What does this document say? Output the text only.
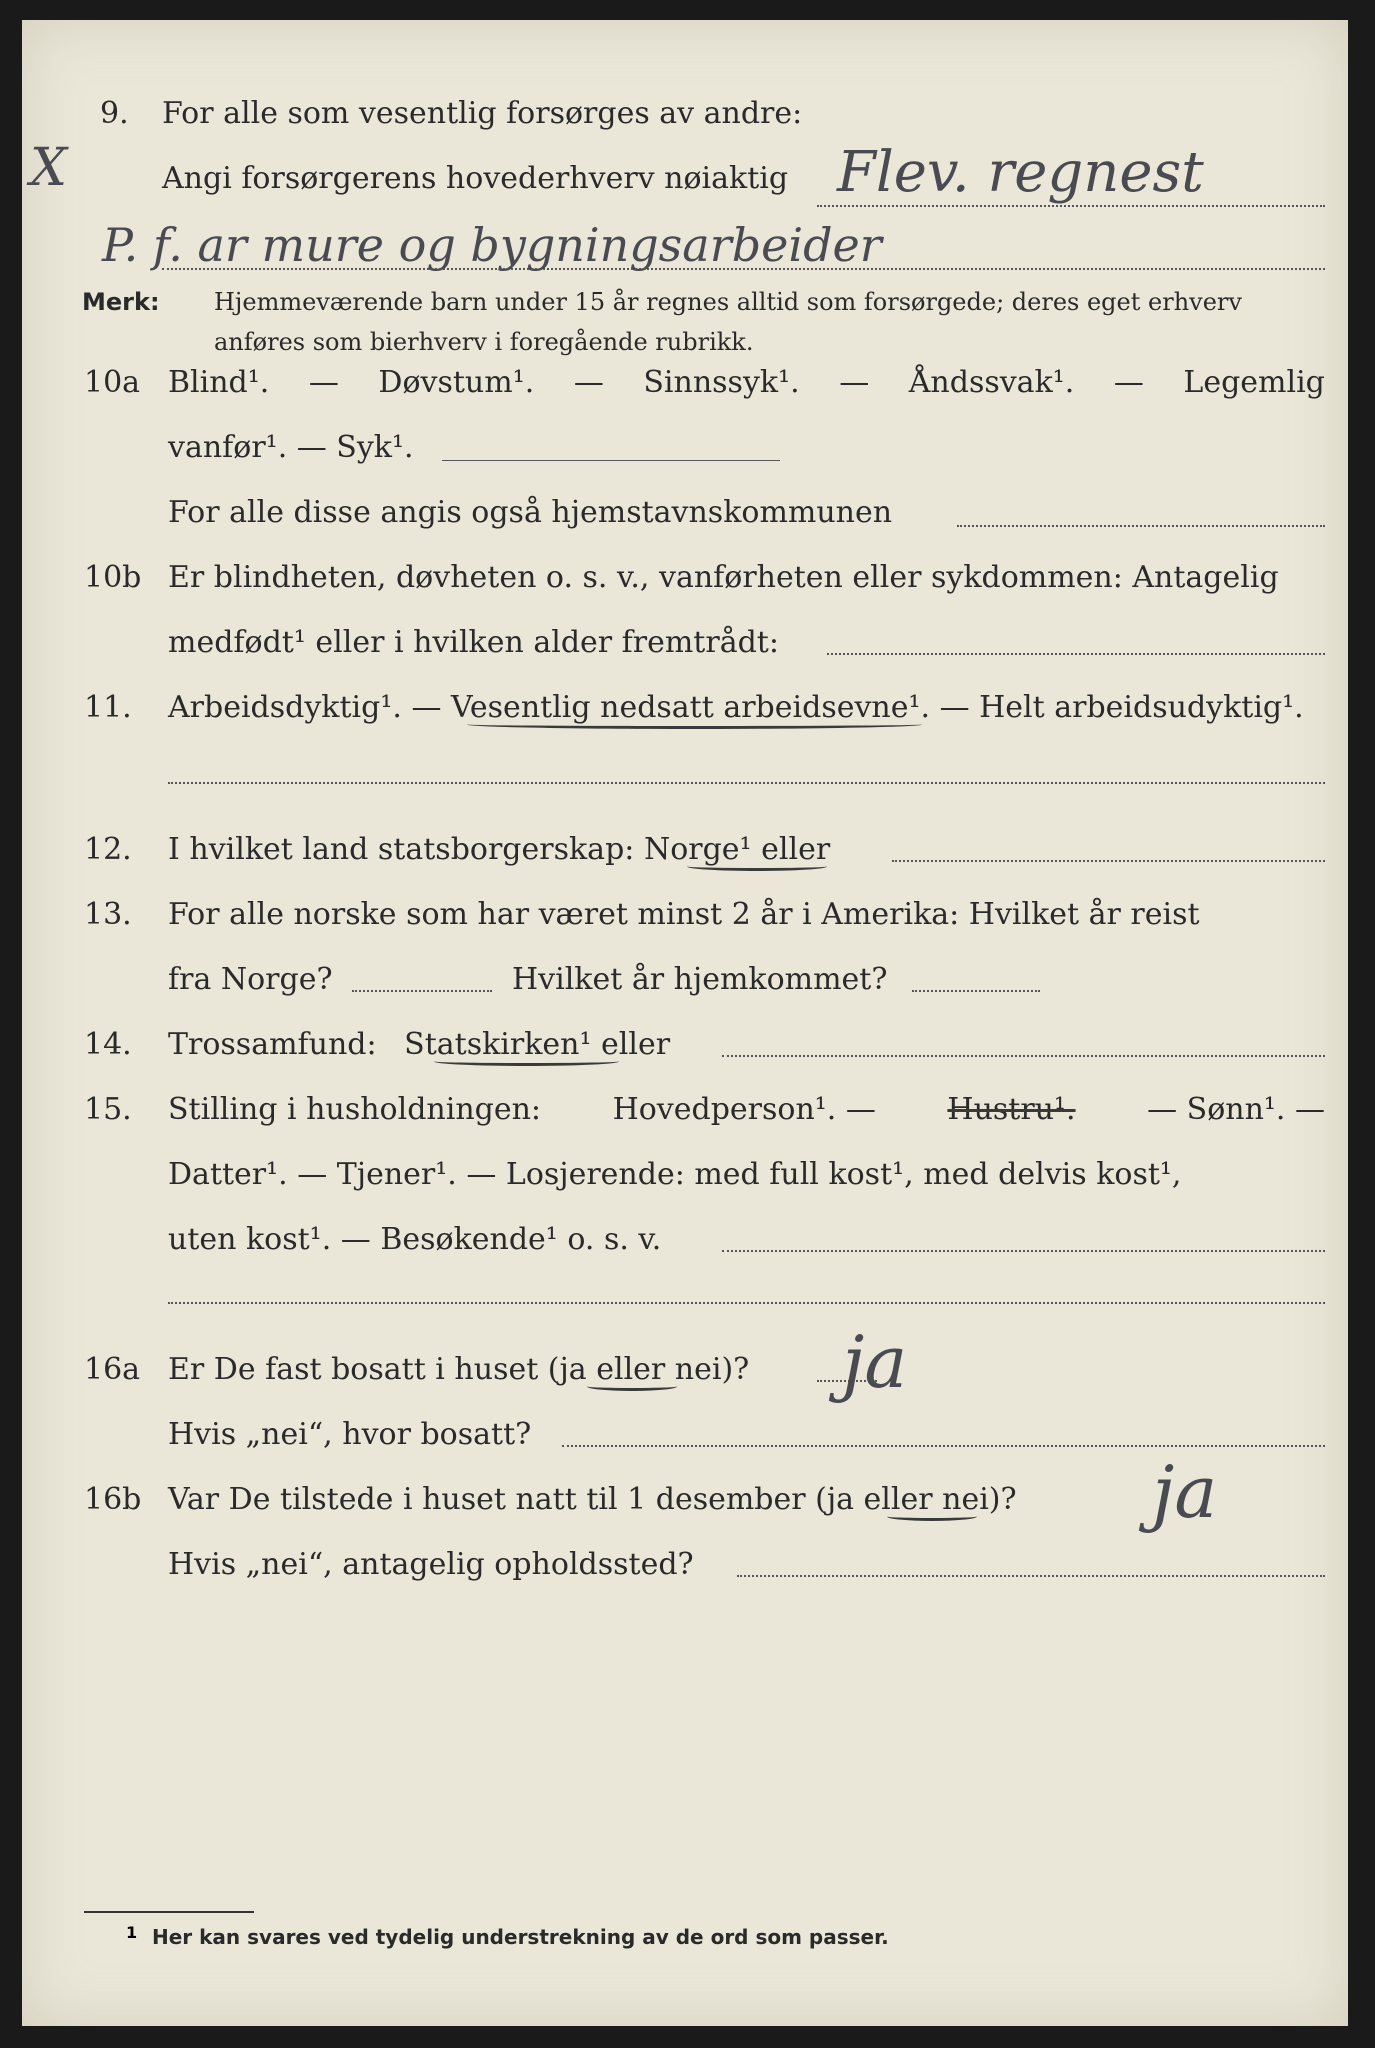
X
9. For alle som vesentlig forsørges av andre:
Angi forsørgerens hovederhverv nøiaktig Flev. regnest
P. f. ar mure og bygningsarbeider
Merk: Hjemmeværende barn under 15 år regnes alltid som forsørgede; deres eget erhverv
anføres som bierhverv i foregående rubrikk.
10a Blind¹. — Døvstum¹. — Sinnssyk¹. — Åndssvak¹. — Legemlig
vanfør¹. — Syk¹.
For alle disse angis også hjemstavnskommunen
10b Er blindheten, døvheten o. s. v., vanførheten eller sykdommen: Antagelig
medfødt¹ eller i hvilken alder fremtrådt:
11. Arbeidsdyktig¹. — Vesentlig nedsatt arbeidsevne¹. — Helt arbeidsudyktig¹.
12. I hvilket land statsborgerskap: Norge¹ eller
13. For alle norske som har været minst 2 år i Amerika: Hvilket år reist
fra Norge?	Hvilket år hjemkommet?
14. Trossamfund: Statskirken¹ eller
15. Stilling i husholdningen: Hovedperson¹. — Hustru¹. — Sønn¹. —
Datter¹. — Tjener¹. — Losjerende: med full kost¹, med delvis kost¹,
uten kost¹. — Besøkende¹ o. s. v.
16a Er De fast bosatt i huset (ja eller nei)? ja
Hvis „nei“, hvor bosatt?
16b Var De tilstede i huset natt til 1 desember (ja eller nei)? ja
Hvis „nei“, antagelig opholdssted?
1 Her kan svares ved tydelig understrekning av de ord som passer.
